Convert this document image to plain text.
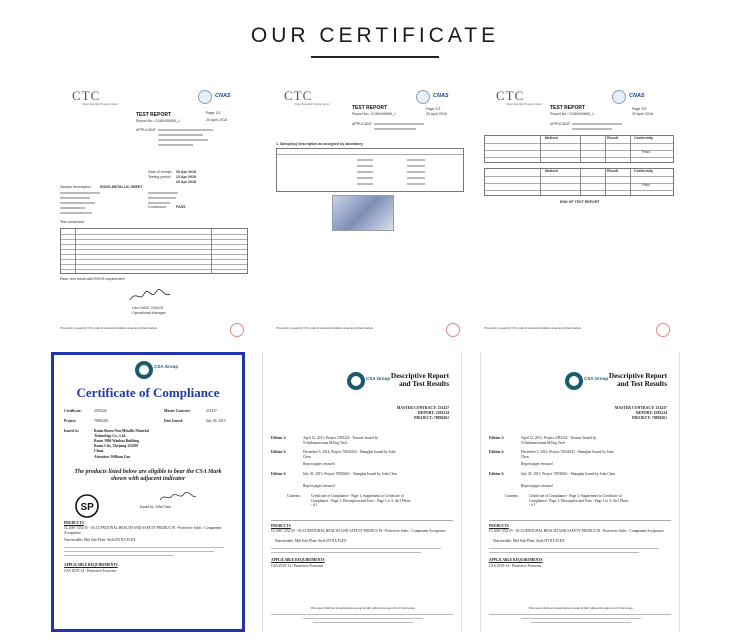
OUR CERTIFICATE
CTC
Tokyo Standard Testing Center
CNAS
TEST REPORT	Page 1/3
Report No.: D180409655_1	20 April 2018
APPLICANT:
Date of receipt: 09 Apr 2018
Testing period: 13 Apr 2018
20 Apr 2018
Sample description: ROHS-METALLIC SHEET
Conclusion:	PASS
Test conducted
Pass: test result with ROHS requirement
Lisa YANG 2018.04
Operational Manager
This report is issued by CTC under its General Conditions of service printed overleaf.
CTC
Tokyo Standard Testing Center
CNAS
TEST REPORT	Page 2/3
Report No.: D180409655_1	20 April 2018
APPLICANT:
1. Sample(s) description as assigned by laboratory
This report is issued by CTC under its General Conditions of service printed overleaf.
CTC
Tokyo Standard Testing Center
CNAS
TEST REPORT	Page 3/3
Report No.: D180409655_1	20 April 2018
APPLICANT:
Method	Result	Conformity
Pass
Method	Result	Conformity
Pass
END OF TEST REPORT
This report is issued by CTC under its General Conditions of service printed overleaf.
CSA Group
Certificate of Compliance
Certificate:	2393224	Master Contract:	231437
Project:	70830261	Date Issued:	July 30, 2015
Issued to:	Ruian Bosen Non-Metallic Material
Technology Co., Ltd.
Room 1906 Wanhao Building
Ruian City, Zhejiang 325200
China
Attention: William Gao
The products listed below are eligible to bear the CSA Mark shown with adjacent indicator
SP	Issued by: John Chen
PRODUCTS
CLASS 7252 05 - OCCUPATIONAL HEALTH AND SAFETY PRODUCTS - Protective Soles - Component Acceptance
Non-metallic Mid Sole Plate: Style DYNA FLEX
APPLICABLE REQUIREMENTS
CSA Z195-14 - Protective Footwear
CSA Group Descriptive Report and Test Results
MASTER CONTRACT: 231437
REPORT: 2393224
PROJECT: 70830261
Edition 1:	April 12, 2011; Project 2393224 - Toronto Issued by N.Sathianesvaran M.Eng Tech
Edition 2:	December 5, 2014; Project 70034352 - Shanghai Issued by John Chen
Report pages reissued
Edition 3:	July 30, 2015; Project 70830261 - Shanghai Issued by John Chen
Report pages reissued
Contents:	Certificate of Compliance - Page 1; Supplement to Certificate of Compliance - Page 1; Description and Tests - Page 1 to 5; Att1 Photo - # 1
PRODUCTS
CLASS 7252 05 - OCCUPATIONAL HEALTH AND SAFETY PRODUCTS - Protective Soles - Component Acceptance
Non-metallic Mid Sole Plate: Style DYNA FLEX
APPLICABLE REQUIREMENTS
CSA Z195-14 - Protective Footwear
This report shall not be reproduced, except in full, without the approval of CSA Group.
CSA Group Descriptive Report and Test Results
MASTER CONTRACT: 231437
REPORT: 2393224
PROJECT: 70830261
Edition 1:	April 12, 2011; Project 2393224 - Toronto Issued by N.Sathianesvaran M.Eng Tech
Edition 2:	December 5, 2014; Project 70034352 - Shanghai Issued by John Chen
Report pages reissued
Edition 3:	July 30, 2015; Project 70830261 - Shanghai Issued by John Chen
Report pages reissued
Contents:	Certificate of Compliance - Page 1; Supplement to Certificate of Compliance - Page 1; Description and Tests - Page 1 to 5; Att1 Photo - # 1
PRODUCTS
CLASS 7252 05 - OCCUPATIONAL HEALTH AND SAFETY PRODUCTS - Protective Soles - Component Acceptance
Non-metallic Mid Sole Plate: Style DYNA FLEX
APPLICABLE REQUIREMENTS
CSA Z195-14 - Protective Footwear
This report shall not be reproduced, except in full, without the approval of CSA Group.
